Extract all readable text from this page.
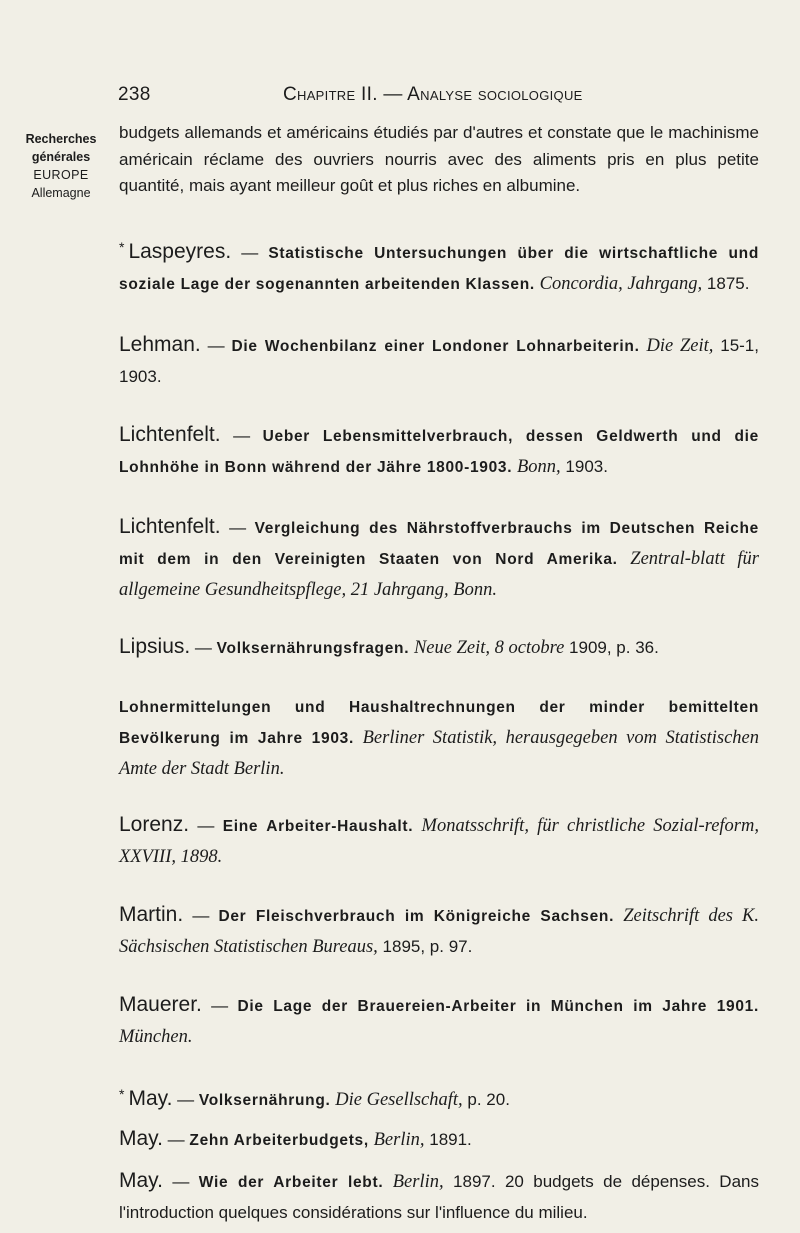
238	Chapitre II. — Analyse sociologique
Recherches
générales
EUROPE
Allemagne
budgets allemands et américains étudiés par d'autres et constate que le machinisme américain réclame des ouvriers nourris avec des aliments pris en plus petite quantité, mais ayant meilleur goût et plus riches en albumine.
* Laspeyres. — Statistische Untersuchungen über die wirtschaftliche und soziale Lage der sogenannten arbeitenden Klassen. Concordia, Jahrgang, 1875.
Lehman. — Die Wochenbilanz einer Londoner Lohnarbeiterin. Die Zeit, 15-1, 1903.
Lichtenfelt. — Ueber Lebensmittelverbrauch, dessen Geldwerth und die Lohnhöhe in Bonn während der Jähre 1800-1903. Bonn, 1903.
Lichtenfelt. — Vergleichung des Nährstoffverbrauchs im Deutschen Reiche mit dem in den Vereinigten Staaten von Nord Amerika. Zentral-blatt für allgemeine Gesundheitspflege, 21 Jahrgang, Bonn.
Lipsius. — Volksernährungsfragen. Neue Zeit, 8 octobre 1909, p. 36.
Lohnermittelungen und Haushaltrechnungen der minder bemittelten Bevölkerung im Jahre 1903. Berliner Statistik, herausgegeben vom Statistischen Amte der Stadt Berlin.
Lorenz. — Eine Arbeiter-Haushalt. Monatsschrift, für christliche Sozial-reform, XXVIII, 1898.
Martin. — Der Fleischverbrauch im Königreiche Sachsen. Zeitschrift des K. Sächsischen Statistischen Bureaus, 1895, p. 97.
Mauerer. — Die Lage der Brauereien-Arbeiter in München im Jahre 1901. München.
* May. — Volksernährung. Die Gesellschaft, p. 20.
May. — Zehn Arbeiterbudgets, Berlin, 1891.
May. — Wie der Arbeiter lebt. Berlin, 1897. 20 budgets de dépenses. Dans l'introduction quelques considérations sur l'influence du milieu.
